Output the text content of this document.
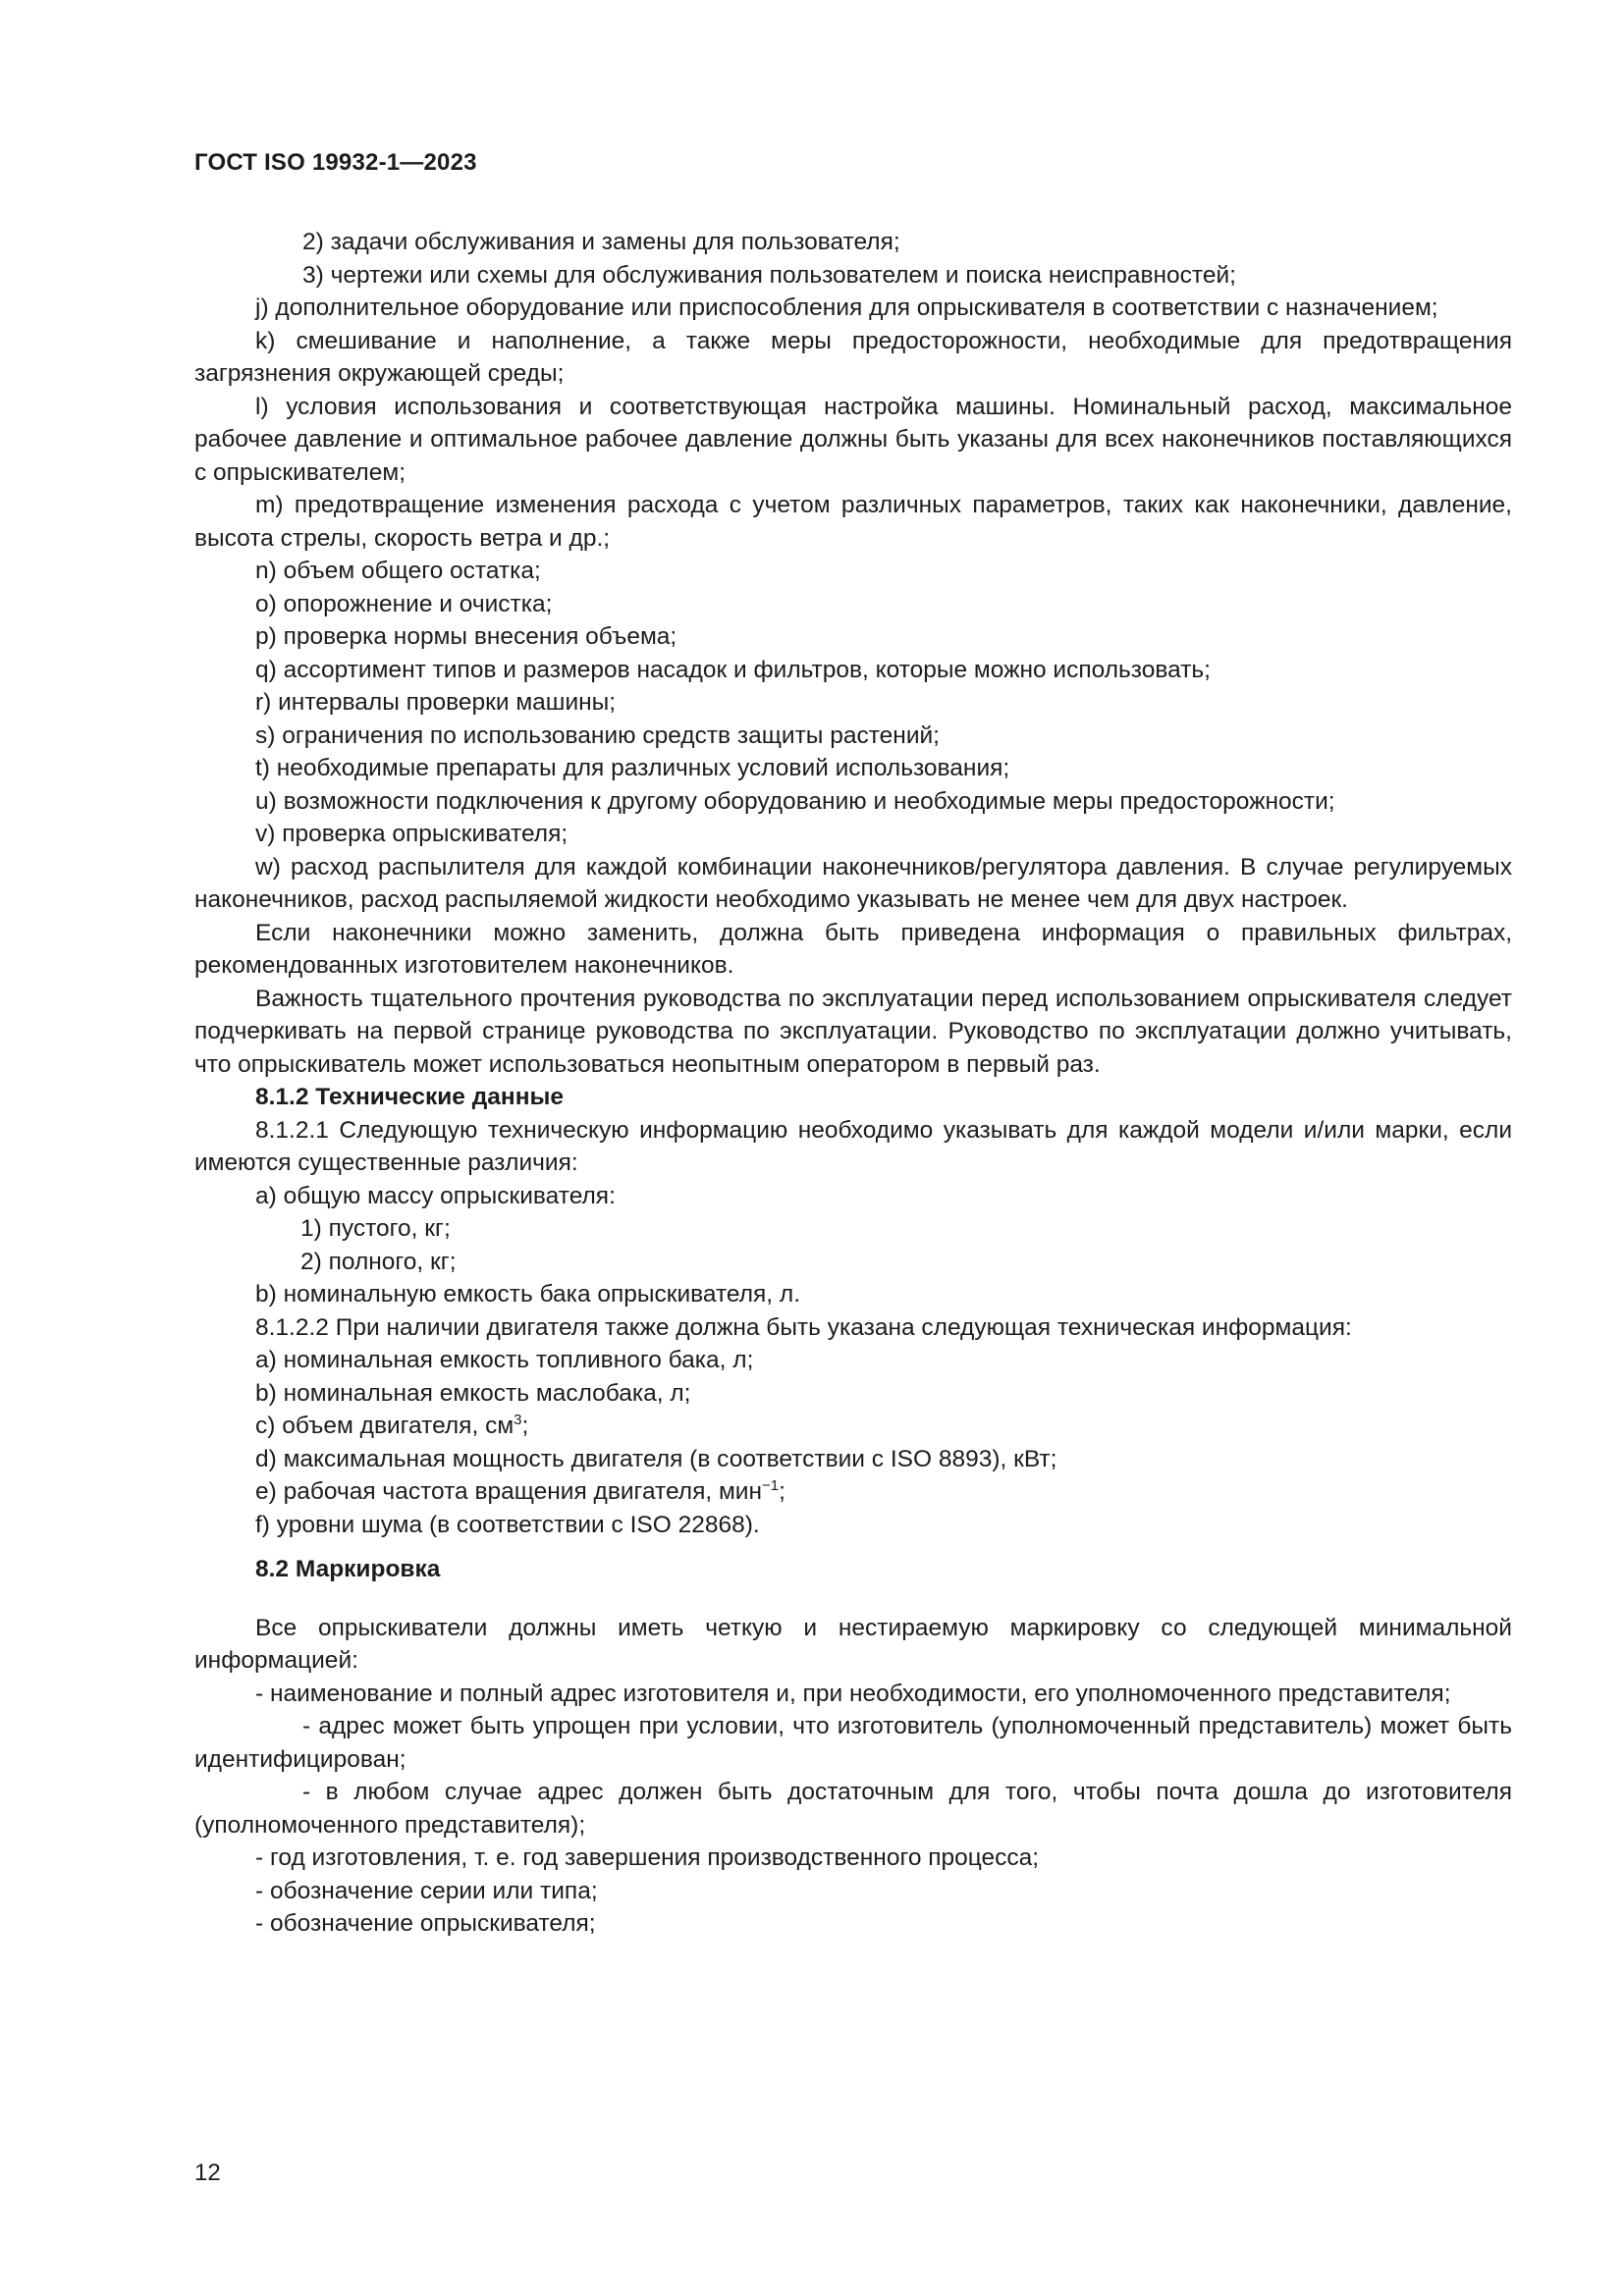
ГОСТ ISO 19932-1—2023

2) задачи обслуживания и замены для пользователя;

3) чертежи или схемы для обслуживания пользователем и поиска неисправностей;

j) дополнительное оборудование или приспособления для опрыскивателя в соответствии с назначением;

k) смешивание и наполнение, а также меры предосторожности, необходимые для предотвращения загрязнения окружающей среды;

l) условия использования и соответствующая настройка машины. Номинальный расход, максимальное рабочее давление и оптимальное рабочее давление должны быть указаны для всех наконечников поставляющихся с опрыскивателем;

m) предотвращение изменения расхода с учетом различных параметров, таких как наконечники, давление, высота стрелы, скорость ветра и др.;

n) объем общего остатка;

o) опорожнение и очистка;

p) проверка нормы внесения объема;

q) ассортимент типов и размеров насадок и фильтров, которые можно использовать;

r) интервалы проверки машины;

s) ограничения по использованию средств защиты растений;

t) необходимые препараты для различных условий использования;

u) возможности подключения к другому оборудованию и необходимые меры предосторожности;

v) проверка опрыскивателя;

w) расход распылителя для каждой комбинации наконечников/регулятора давления. В случае регулируемых наконечников, расход распыляемой жидкости необходимо указывать не менее чем для двух настроек.

Если наконечники можно заменить, должна быть приведена информация о правильных фильтрах, рекомендованных изготовителем наконечников.

Важность тщательного прочтения руководства по эксплуатации перед использованием опрыскивателя следует подчеркивать на первой странице руководства по эксплуатации. Руководство по эксплуатации должно учитывать, что опрыскиватель может использоваться неопытным оператором в первый раз.

8.1.2 Технические данные

8.1.2.1 Следующую техническую информацию необходимо указывать для каждой модели и/или марки, если имеются существенные различия:

a) общую массу опрыскивателя:

1) пустого, кг;

2) полного, кг;

b) номинальную емкость бака опрыскивателя, л.

8.1.2.2 При наличии двигателя также должна быть указана следующая техническая информация:

a) номинальная емкость топливного бака, л;

b) номинальная емкость маслобака, л;

c) объем двигателя, $см^3$;

d) максимальная мощность двигателя (в соответствии с ISO 8893), кВт;

e) рабочая частота вращения двигателя, мин$^{-1}$;

f) уровни шума (в соответствии с ISO 22868).

8.2 Маркировка

Все опрыскиватели должны иметь четкую и нестираемую маркировку со следующей минимальной информацией:

- наименование и полный адрес изготовителя и, при необходимости, его уполномоченного представителя;

- адрес может быть упрощен при условии, что изготовитель (уполномоченный представитель) может быть идентифицирован;

- в любом случае адрес должен быть достаточным для того, чтобы почта дошла до изготовителя (уполномоченного представителя);

- год изготовления, т. е. год завершения производственного процесса;

- обозначение серии или типа;

- обозначение опрыскивателя;

12
